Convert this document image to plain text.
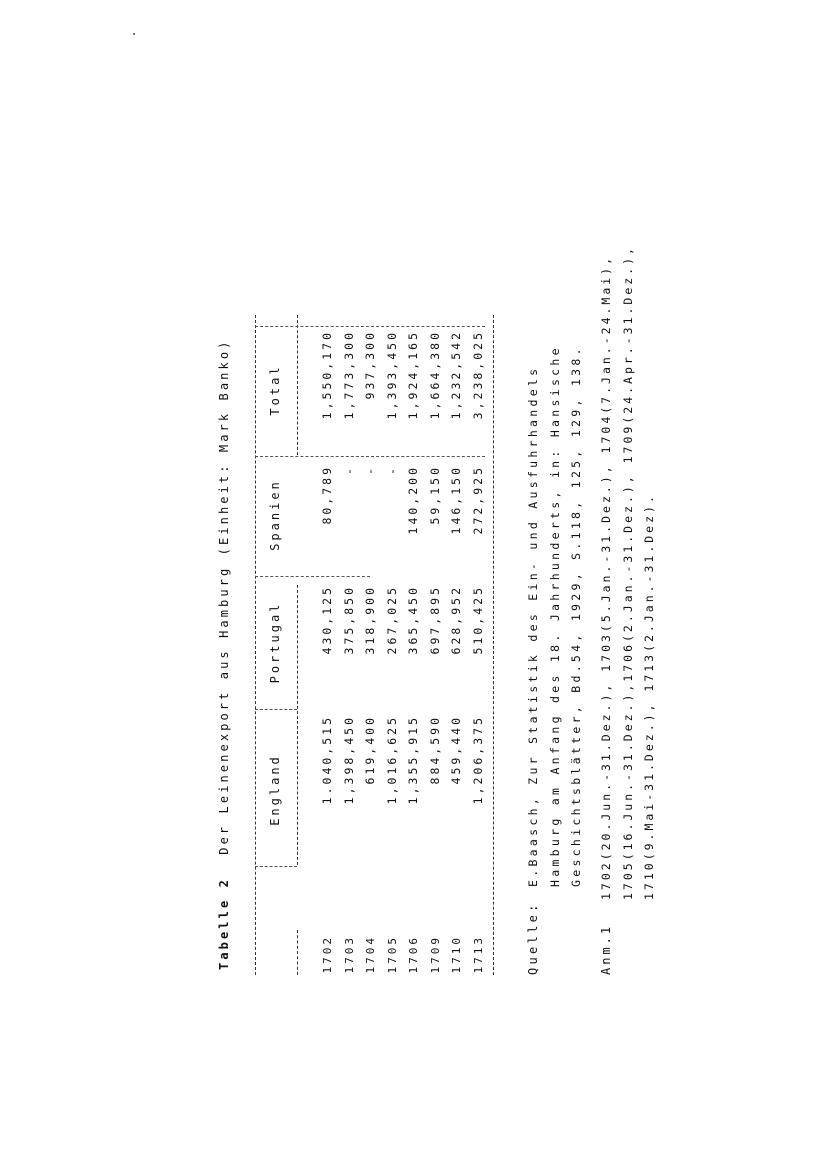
Tabelle 2 Der Leinenexport aus Hamburg (Einheit: Mark Banko)	England
Portugal
Spanien
Total
1702 1703 1704 1705 1706 1709 1710 1713
1.040,515 1,398,450 619,400 1,016,625 1,355,915 884,590 459,440 1,206,375
430,125 375,850 318,900 267,025 365,450 697,895 628,952 510,425
80,789 - - - 140,200 59,150 146,150 272,925
1,550,170 1,773,300 937,300 1,393,450 1,924,165 1,664,380 1,232,542 3,238,025
Quelle:E.Baasch, Zur Statistik des Ein- und Ausfuhrhandels Hamburg am Anfang des 18. Jahrhunderts, in: Hansische Geschichtsblätter, Bd.54, 1929, S.118, 125, 129, 138.
Anm.11702(20.Jun.-31.Dez.), 1703(5.Jan.-31.Dez.), 1704(7.Jan.-24.Mai), 1705(16.Jun.-31.Dez.),1706(2.Jan.-31.Dez.), 1709(24.Apr.-31.Dez.), 1710(9.Mai-31.Dez.), 1713(2.Jan.-31.Dez).
